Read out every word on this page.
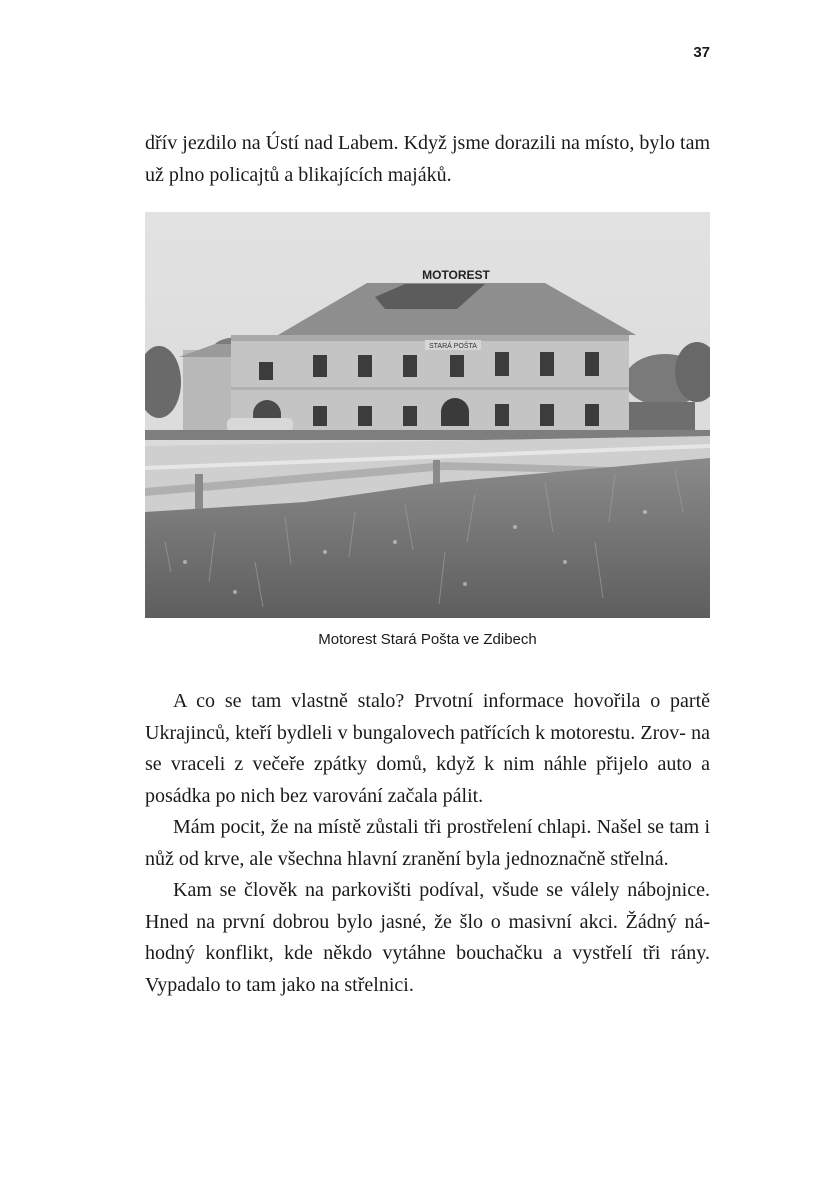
37

dřív jezdilo na Ústí nad Labem. Když jsme dorazili na místo, bylo tam už plno policajtů a blikajících majáků.

STARÁ POŠTA
MOTOREST
Motorest Stará Pošta ve Zdibech

A co se tam vlastně stalo? Prvotní informace hovořila o partě Ukrajinců, kteří bydleli v bungalovech patřících k motorestu. Zrov- na se vraceli z večeře zpátky domů, když k nim náhle přijelo auto a posádka po nich bez varování začala pálit.

Mám pocit, že na místě zůstali tři prostřelení chlapi. Našel se tam i nůž od krve, ale všechna hlavní zranění byla jednoznačně střelná.

Kam se člověk na parkovišti podíval, všude se válely nábojnice. Hned na první dobrou bylo jasné, že šlo o masivní akci. Žádný ná- hodný konflikt, kde někdo vytáhne bouchačku a vystřelí tři rány. Vypadalo to tam jako na střelnici.
